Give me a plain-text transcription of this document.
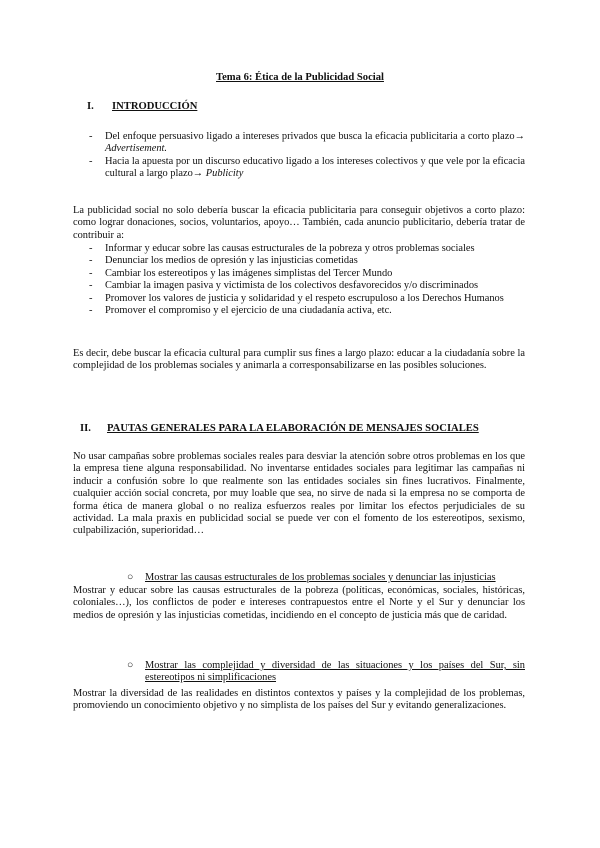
Tema 6: Ética de la Publicidad Social
I. INTRODUCCIÓN
- Del enfoque persuasivo ligado a intereses privados que busca la eficacia publicitaria a corto plazo→ Advertisement.
- Hacia la apuesta por un discurso educativo ligado a los intereses colectivos y que vele por la eficacia cultural a largo plazo→ Publicity

La publicidad social no solo debería buscar la eficacia publicitaria para conseguir objetivos a corto plazo: como lograr donaciones, socios, voluntarios, apoyo… También, cada anuncio publicitario, debería tratar de contribuir a:

- Informar y educar sobre las causas estructurales de la pobreza y otros problemas sociales
- Denunciar los medios de opresión y las injusticias cometidas
- Cambiar los estereotipos y las imágenes simplistas del Tercer Mundo
- Cambiar la imagen pasiva y victimista de los colectivos desfavorecidos y/o discriminados
- Promover los valores de justicia y solidaridad y el respeto escrupuloso a los Derechos Humanos
- Promover el compromiso y el ejercicio de una ciudadanía activa, etc.

Es decir, debe buscar la eficacia cultural para cumplir sus fines a largo plazo: educar a la ciudadanía sobre la complejidad de los problemas sociales y animarla a corresponsabilizarse en las posibles soluciones.

II. PAUTAS GENERALES PARA LA ELABORACIÓN DE MENSAJES SOCIALES

No usar campañas sobre problemas sociales reales para desviar la atención sobre otros problemas en los que la empresa tiene alguna responsabilidad. No inventarse entidades sociales para legitimar las campañas ni inducir a confusión sobre lo que realmente son las entidades sociales sin fines lucrativos. Finalmente, cualquier acción social concreta, por muy loable que sea, no sirve de nada si la empresa no se comporta de forma ética de manera global o no realiza esfuerzos reales por limitar los efectos perjudiciales de su actividad. La mala praxis en publicidad social se puede ver con el fomento de los estereotipos, sexismo, culpabilización, superioridad…

○ Mostrar las causas estructurales de los problemas sociales y denunciar las injusticias

Mostrar y educar sobre las causas estructurales de la pobreza (políticas, económicas, sociales, históricas, coloniales…), los conflictos de poder e intereses contrapuestos entre el Norte y el Sur y denunciar los medios de opresión y las injusticias cometidas, incidiendo en el concepto de justicia más que de caridad.

○ Mostrar las complejidad y diversidad de las situaciones y los países del Sur, sin estereotipos ni simplificaciones

Mostrar la diversidad de las realidades en distintos contextos y países y la complejidad de los problemas, promoviendo un conocimiento objetivo y no simplista de los países del Sur y evitando generalizaciones.
